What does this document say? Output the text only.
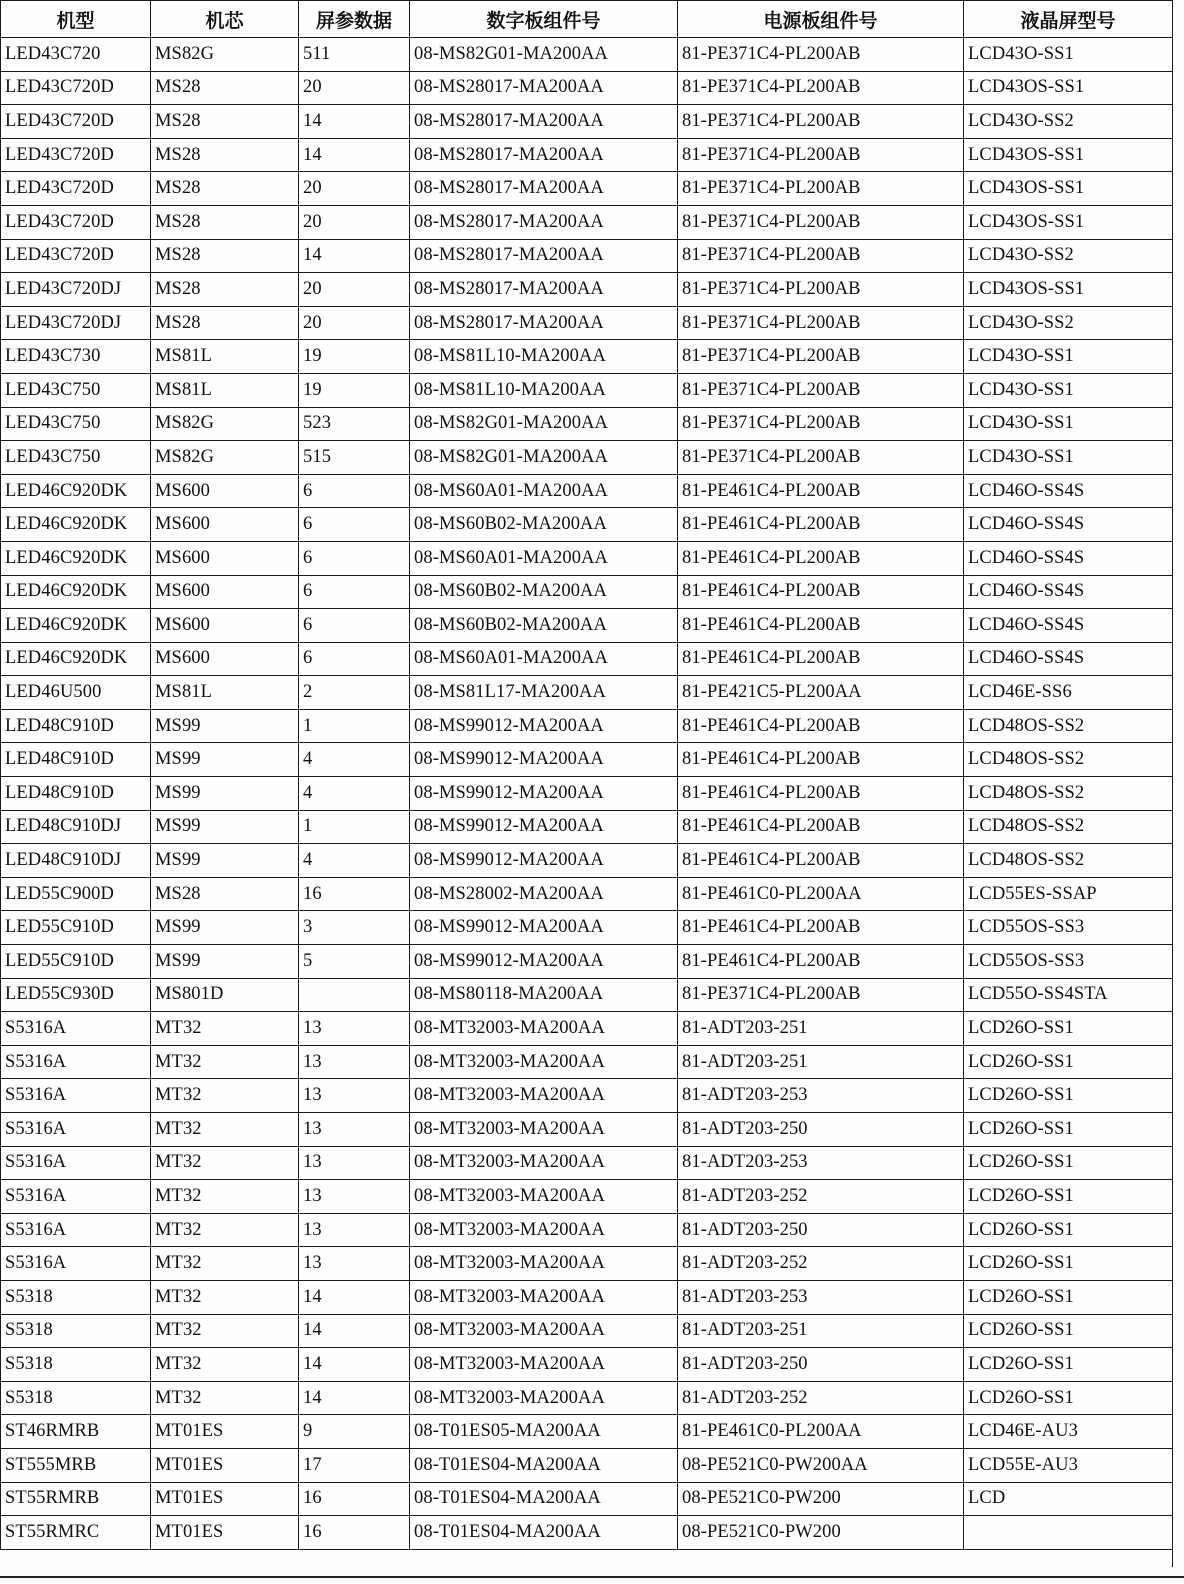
机型	机芯	屏参数据	数字板组件号	电源板组件号	液晶屏型号
LED43C720	MS82G	511	08-MS82G01-MA200AA	81-PE371C4-PL200AB	LCD43O-SS1
LED43C720D	MS28	20	08-MS28017-MA200AA	81-PE371C4-PL200AB	LCD43OS-SS1
LED43C720D	MS28	14	08-MS28017-MA200AA	81-PE371C4-PL200AB	LCD43O-SS2
LED43C720D	MS28	14	08-MS28017-MA200AA	81-PE371C4-PL200AB	LCD43OS-SS1
LED43C720D	MS28	20	08-MS28017-MA200AA	81-PE371C4-PL200AB	LCD43OS-SS1
LED43C720D	MS28	20	08-MS28017-MA200AA	81-PE371C4-PL200AB	LCD43OS-SS1
LED43C720D	MS28	14	08-MS28017-MA200AA	81-PE371C4-PL200AB	LCD43O-SS2
LED43C720DJ	MS28	20	08-MS28017-MA200AA	81-PE371C4-PL200AB	LCD43OS-SS1
LED43C720DJ	MS28	20	08-MS28017-MA200AA	81-PE371C4-PL200AB	LCD43O-SS2
LED43C730	MS81L	19	08-MS81L10-MA200AA	81-PE371C4-PL200AB	LCD43O-SS1
LED43C750	MS81L	19	08-MS81L10-MA200AA	81-PE371C4-PL200AB	LCD43O-SS1
LED43C750	MS82G	523	08-MS82G01-MA200AA	81-PE371C4-PL200AB	LCD43O-SS1
LED43C750	MS82G	515	08-MS82G01-MA200AA	81-PE371C4-PL200AB	LCD43O-SS1
LED46C920DK	MS600	6	08-MS60A01-MA200AA	81-PE461C4-PL200AB	LCD46O-SS4S
LED46C920DK	MS600	6	08-MS60B02-MA200AA	81-PE461C4-PL200AB	LCD46O-SS4S
LED46C920DK	MS600	6	08-MS60A01-MA200AA	81-PE461C4-PL200AB	LCD46O-SS4S
LED46C920DK	MS600	6	08-MS60B02-MA200AA	81-PE461C4-PL200AB	LCD46O-SS4S
LED46C920DK	MS600	6	08-MS60B02-MA200AA	81-PE461C4-PL200AB	LCD46O-SS4S
LED46C920DK	MS600	6	08-MS60A01-MA200AA	81-PE461C4-PL200AB	LCD46O-SS4S
LED46U500	MS81L	2	08-MS81L17-MA200AA	81-PE421C5-PL200AA	LCD46E-SS6
LED48C910D	MS99	1	08-MS99012-MA200AA	81-PE461C4-PL200AB	LCD48OS-SS2
LED48C910D	MS99	4	08-MS99012-MA200AA	81-PE461C4-PL200AB	LCD48OS-SS2
LED48C910D	MS99	4	08-MS99012-MA200AA	81-PE461C4-PL200AB	LCD48OS-SS2
LED48C910DJ	MS99	1	08-MS99012-MA200AA	81-PE461C4-PL200AB	LCD48OS-SS2
LED48C910DJ	MS99	4	08-MS99012-MA200AA	81-PE461C4-PL200AB	LCD48OS-SS2
LED55C900D	MS28	16	08-MS28002-MA200AA	81-PE461C0-PL200AA	LCD55ES-SSAP
LED55C910D	MS99	3	08-MS99012-MA200AA	81-PE461C4-PL200AB	LCD55OS-SS3
LED55C910D	MS99	5	08-MS99012-MA200AA	81-PE461C4-PL200AB	LCD55OS-SS3
LED55C930D	MS801D		08-MS80118-MA200AA	81-PE371C4-PL200AB	LCD55O-SS4STA
S5316A	MT32	13	08-MT32003-MA200AA	81-ADT203-251	LCD26O-SS1
S5316A	MT32	13	08-MT32003-MA200AA	81-ADT203-251	LCD26O-SS1
S5316A	MT32	13	08-MT32003-MA200AA	81-ADT203-253	LCD26O-SS1
S5316A	MT32	13	08-MT32003-MA200AA	81-ADT203-250	LCD26O-SS1
S5316A	MT32	13	08-MT32003-MA200AA	81-ADT203-253	LCD26O-SS1
S5316A	MT32	13	08-MT32003-MA200AA	81-ADT203-252	LCD26O-SS1
S5316A	MT32	13	08-MT32003-MA200AA	81-ADT203-250	LCD26O-SS1
S5316A	MT32	13	08-MT32003-MA200AA	81-ADT203-252	LCD26O-SS1
S5318	MT32	14	08-MT32003-MA200AA	81-ADT203-253	LCD26O-SS1
S5318	MT32	14	08-MT32003-MA200AA	81-ADT203-251	LCD26O-SS1
S5318	MT32	14	08-MT32003-MA200AA	81-ADT203-250	LCD26O-SS1
S5318	MT32	14	08-MT32003-MA200AA	81-ADT203-252	LCD26O-SS1
ST46RMRB	MT01ES	9	08-T01ES05-MA200AA	81-PE461C0-PL200AA	LCD46E-AU3
ST555MRB	MT01ES	17	08-T01ES04-MA200AA	08-PE521C0-PW200AA	LCD55E-AU3
ST55RMRB	MT01ES	16	08-T01ES04-MA200AA	08-PE521C0-PW200	LCD
ST55RMRC	MT01ES	16	08-T01ES04-MA200AA	08-PE521C0-PW200	
